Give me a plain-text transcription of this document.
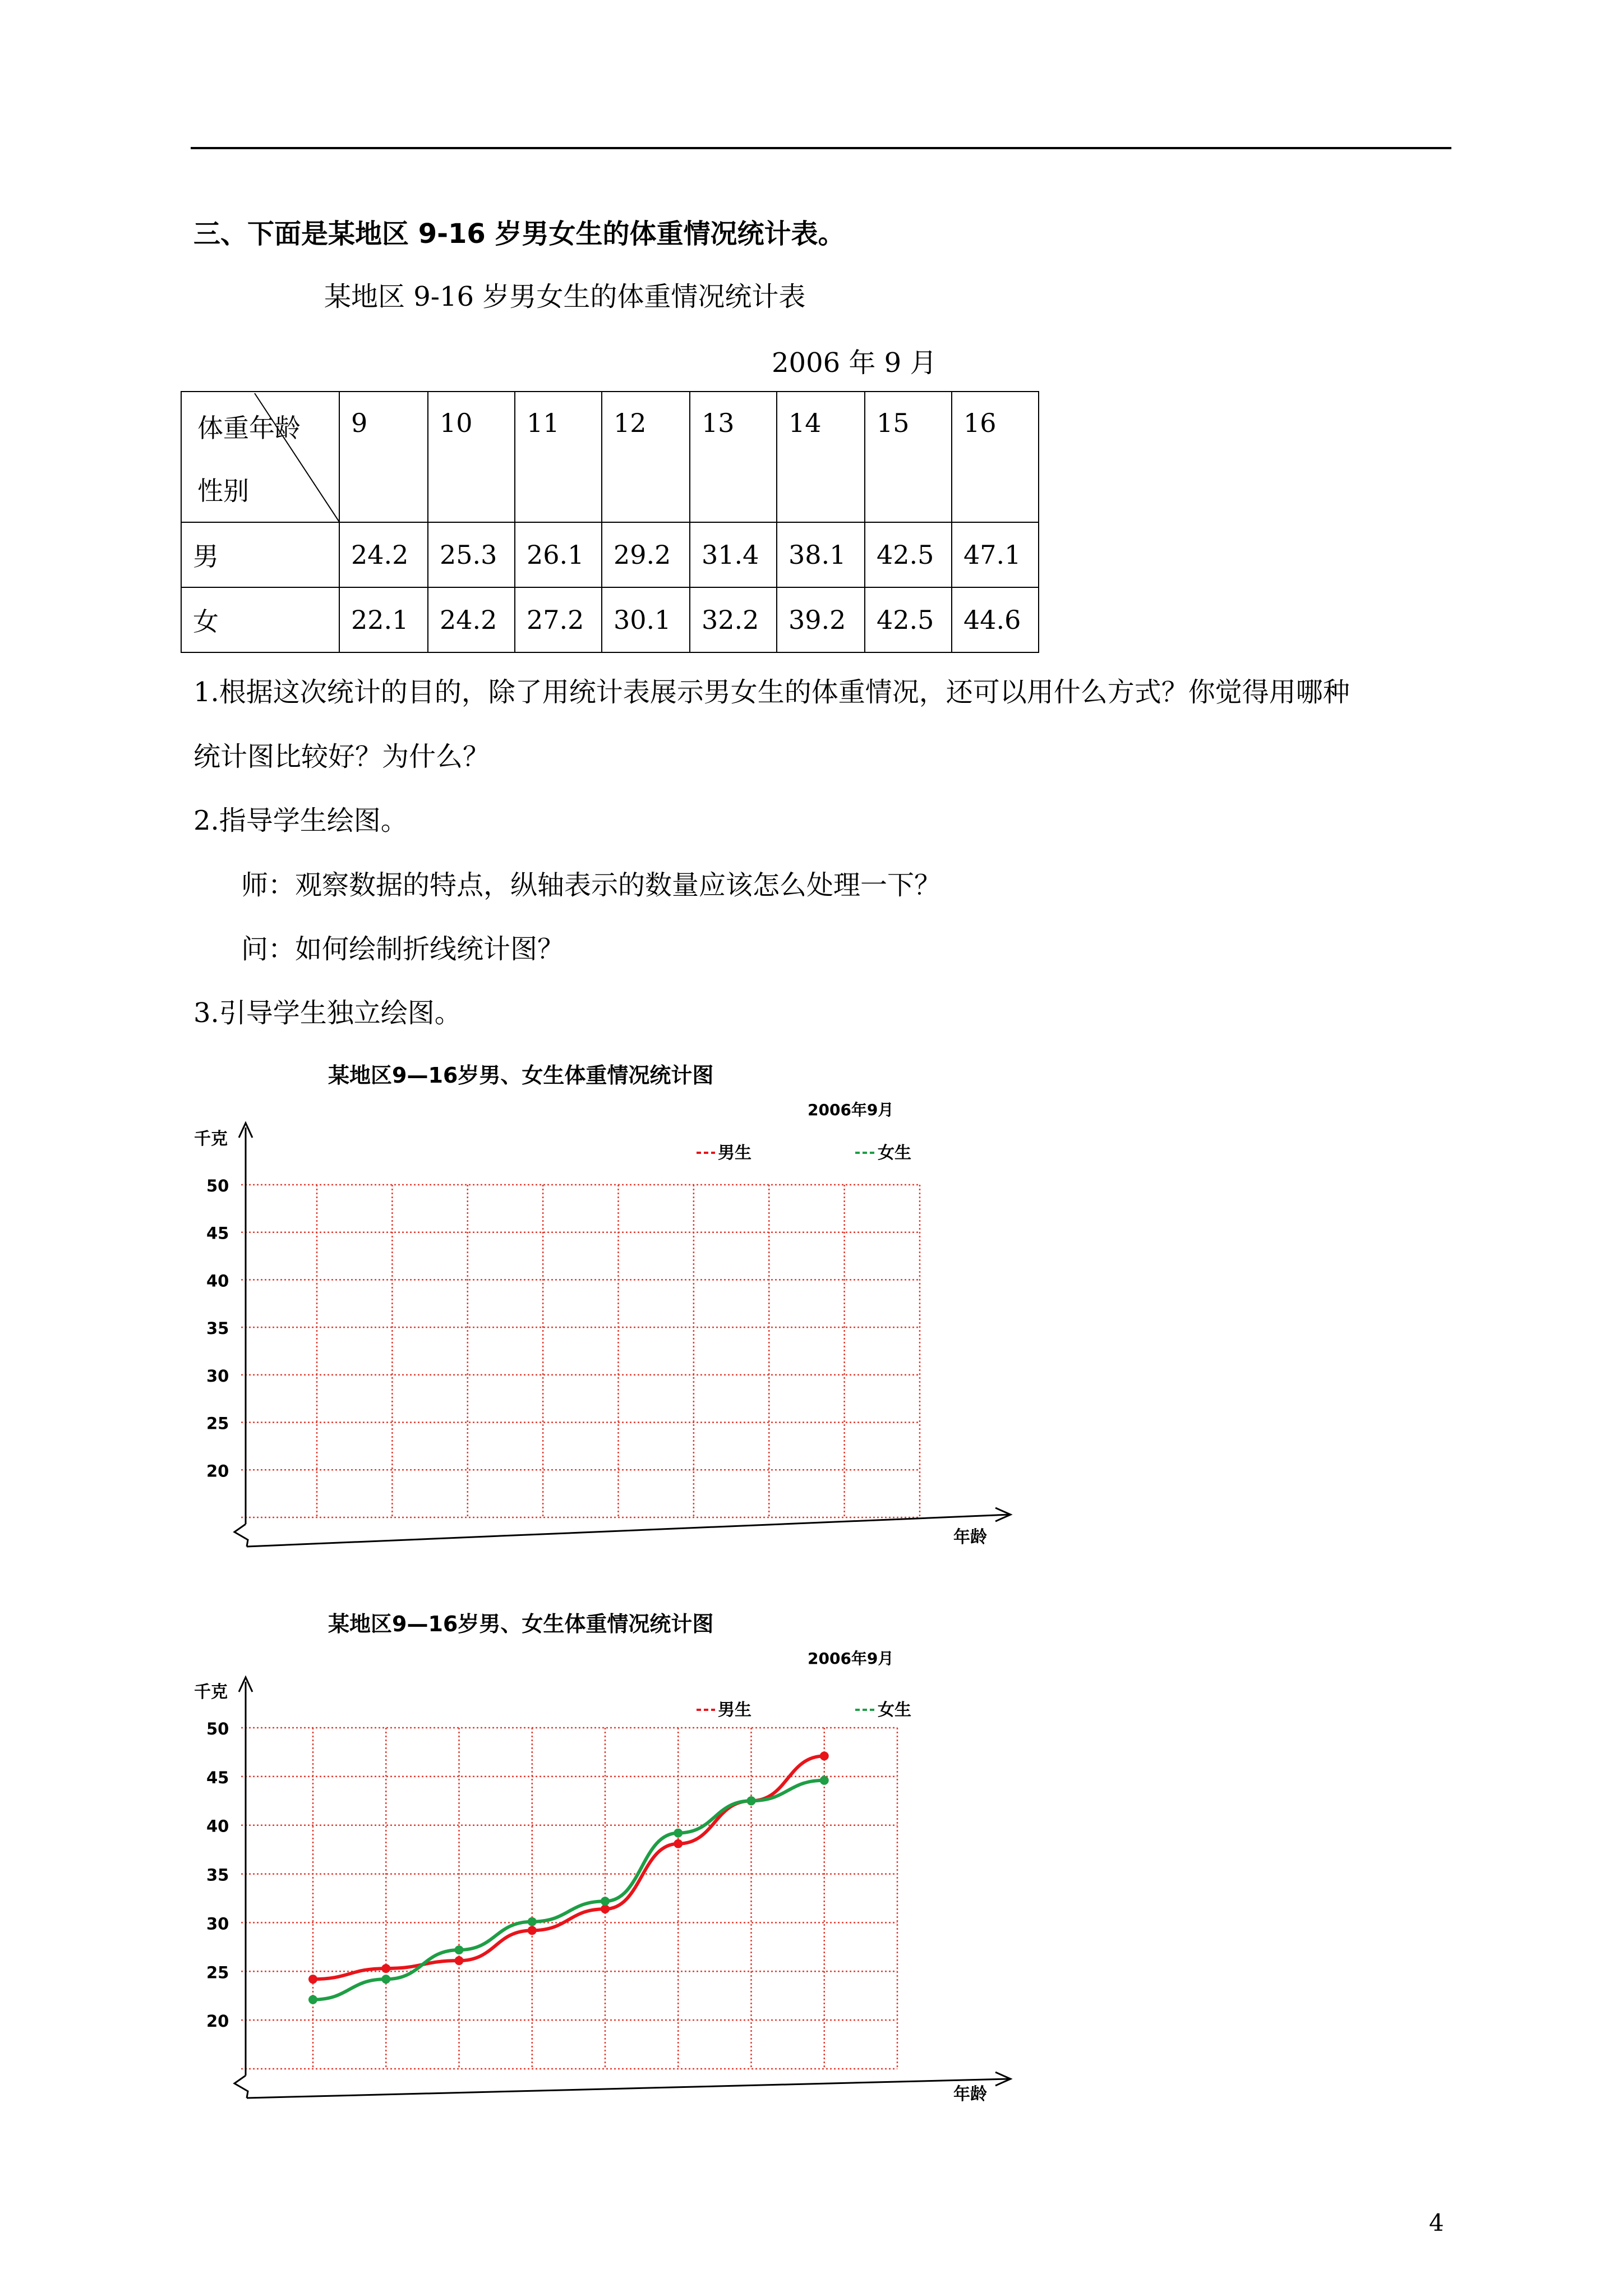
三、下面是某地区 9-16 岁男女生的体重情况统计表。
某地区 9-16 岁男女生的体重情况统计表
2006 年 9 月
体重年龄
性别	9	10	11	12	13	14	15	16
男	24.2	25.3	26.1	29.2	31.4	38.1	42.5	47.1
女	22.1	24.2	27.2	30.1	32.2	39.2	42.5	44.6
1.根据这次统计的目的，除了用统计表展示男女生的体重情况，还可以用什么方式？你觉得用哪种
统计图比较好？为什么？
2.指导学生绘图。
师：观察数据的特点，纵轴表示的数量应该怎么处理一下？
问：如何绘制折线统计图？
3.引导学生独立绘图。
某地区9—16岁男、女生体重情况统计图
2006年9月
千克
年龄
男生	女生
50
45
40
35
30
25
20
某地区9—16岁男、女生体重情况统计图
2006年9月
千克
年龄
男生	女生
50
45
40
35
30
25
20
4
